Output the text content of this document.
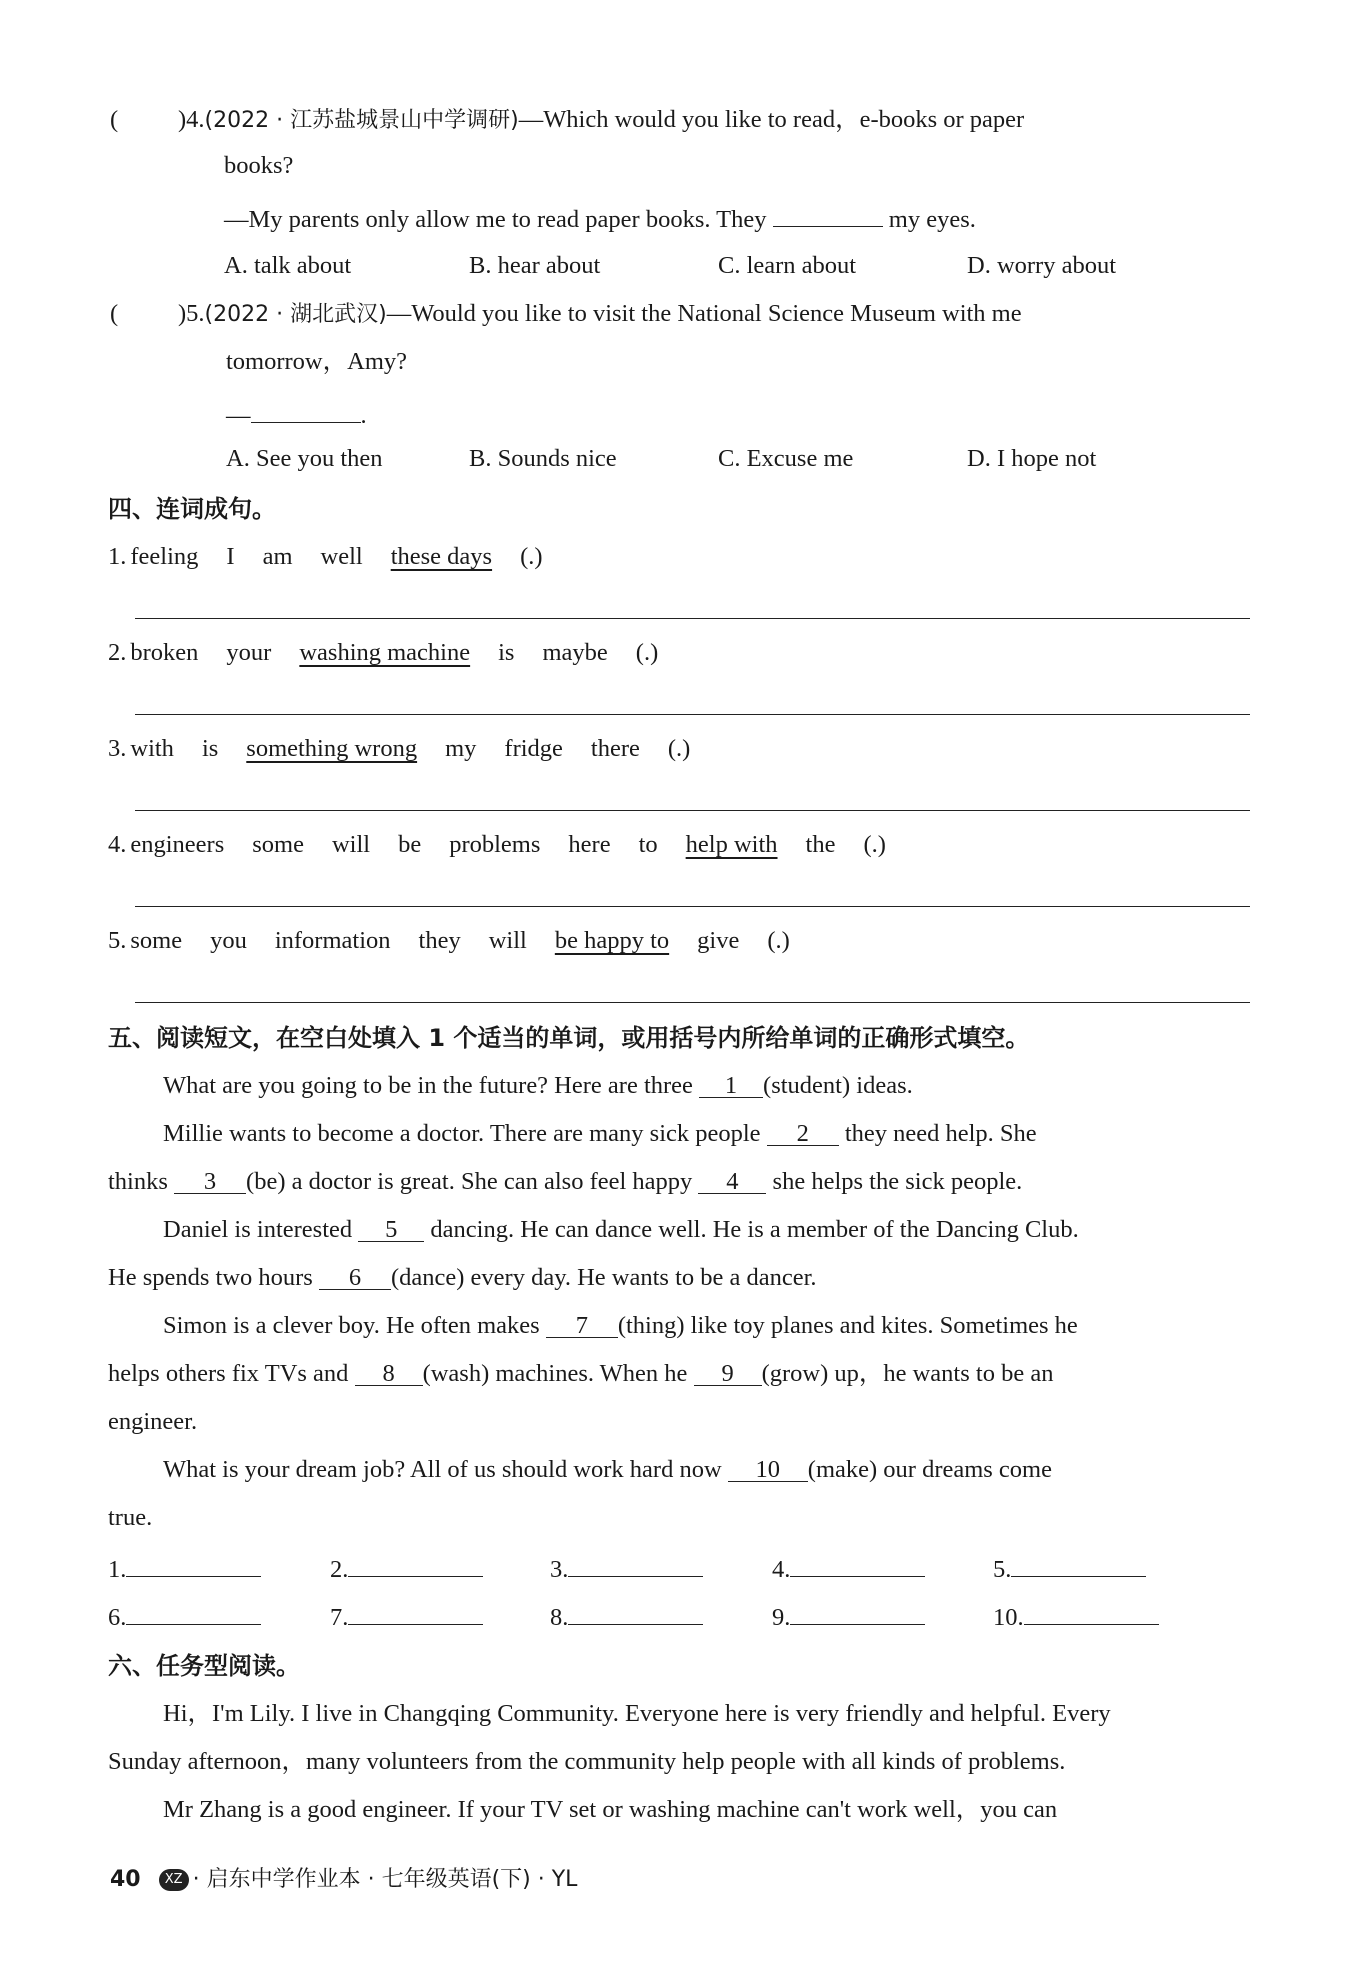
( )4.(2022 · 江苏盐城景山中学调研)—Which would you like to read，e-books or paper
books?
—My parents only allow me to read paper books. They	my eyes.
A. talk about	B. hear about	C. learn about	D. worry about
( )5.(2022 · 湖北武汉)—Would you like to visit the National Science Museum with me
tomorrow，Amy?
—	.
A. See you then	B. Sounds nice	C. Excuse me	D. I hope not
四、连词成句。
1. feeling I am well these days (.)
2. broken your washing machine is maybe (.)
3. with is something wrong my fridge there (.)
4. engineers some will be problems here to help with the (.)
5. some you information they will be happy to give (.)
五、阅读短文，在空白处填入 1 个适当的单词，或用括号内所给单词的正确形式填空。
What are you going to be in the future? Here are three 1 (student) ideas.
Millie wants to become a doctor. There are many sick people 2 they need help. She
thinks 3 (be) a doctor is great. She can also feel happy 4 she helps the sick people.
Daniel is interested 5 dancing. He can dance well. He is a member of the Dancing Club.
He spends two hours 6 (dance) every day. He wants to be a dancer.
Simon is a clever boy. He often makes 7 (thing) like toy planes and kites. Sometimes he
helps others fix TVs and 8 (wash) machines. When he 9 (grow) up，he wants to be an
engineer.
What is your dream job? All of us should work hard now 10 (make) our dreams come
true.
1.	2.	3.	4.	5.
6.	7.	8.	9.	10.
六、任务型阅读。
Hi，I'm Lily. I live in Changqing Community. Everyone here is very friendly and helpful. Every
Sunday afternoon，many volunteers from the community help people with all kinds of problems.
Mr Zhang is a good engineer. If your TV set or washing machine can't work well，you can
40 XZ · 启东中学作业本 · 七年级英语(下) · YL
